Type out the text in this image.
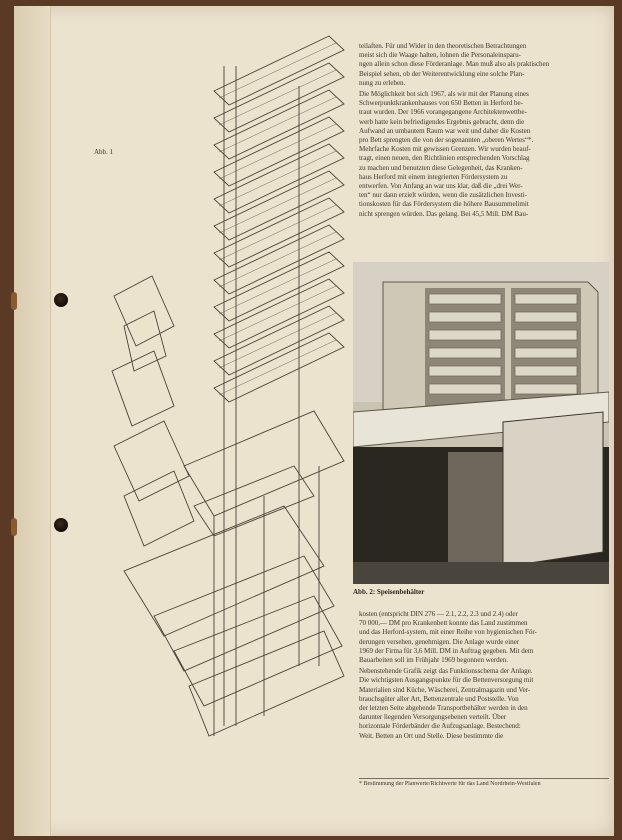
Abb. 1

teilaften. Für und Wider in den theoretischen Betrachtungen

meist sich die Waage halten, lohnen die Personaleinsparu-

ngen allein schon diese Förderanlage. Man muß also als praktischen

Beispiel sehen, ob der Weiterentwicklung eine solche Plan-

nung zu erleben.

Die Möglichkeit bot sich 1967, als wir mit der Planung eines

Schwerpunktkrankenhauses von 650 Betten in Herford be-

traut wurden. Der 1966 vorangegangene Architektenwettbe-

werb hatte kein befriedigendes Ergebnis gebracht, denn die

Aufwand an umbautem Raum war weit und daher die Kosten

pro Bett sprengten die von der sogenannten „oberen Wertes“*.

Mehrfache Kosten mit gewissen Grenzen. Wir wurden beauf-

tragt, einen neuen, den Richtlinien entsprechenden Vorschlag

zu machen und benutzten diese Gelegenheit, das Kranken-

haus Herford mit einem integrierten Fördersystem zu

entwerfen. Von Anfang an war uns klar, daß die „drei Wer-

ten“ nur dann erzielt würden, wenn die zusätzlichen Investi-

tionskosten für das Fördersystem die höhere Bausummelimit

nicht sprengen würden. Das gelang. Bei 45,5 Mill. DM Bau-

Abb. 2: Speisenbehälter

kosten (entspricht DIN 276 — 2.1, 2.2, 2.3 und 2.4) oder

70 000,— DM pro Krankenbett konnte das Land zustimmen

und das Herford-system, mit einer Reihe von hygienischen För-

derungen versehen, genehmigen. Die Anlage wurde einer

1969 der Firma für 3,6 Mill. DM in Auftrag gegeben. Mit dem

Bauarbeiten soll im Frühjahr 1969 begonnen werden.

Nebenstehende Grafik zeigt das Funktionsschema der Anlage.

Die wichtigsten Ausgangspunkte für die Bettenversorgung mit

Materialien sind Küche, Wäscherei, Zentralmagazin und Ver-

brauchsgüter aller Art, Bettenzentrale und Poststelle. Von

der letzten Seite abgehende Transportbehälter werden in den

darunter liegenden Versorgungsebenen verteilt. Über

horizontale Förderbänder die Aufzugsanlage. Bestechend:

Weit. Betten an Ort und Stelle. Diese bestimmte die

* Bestimmung der Planwerte/Richtwerte für das Land Nordrhein-Westfalen
